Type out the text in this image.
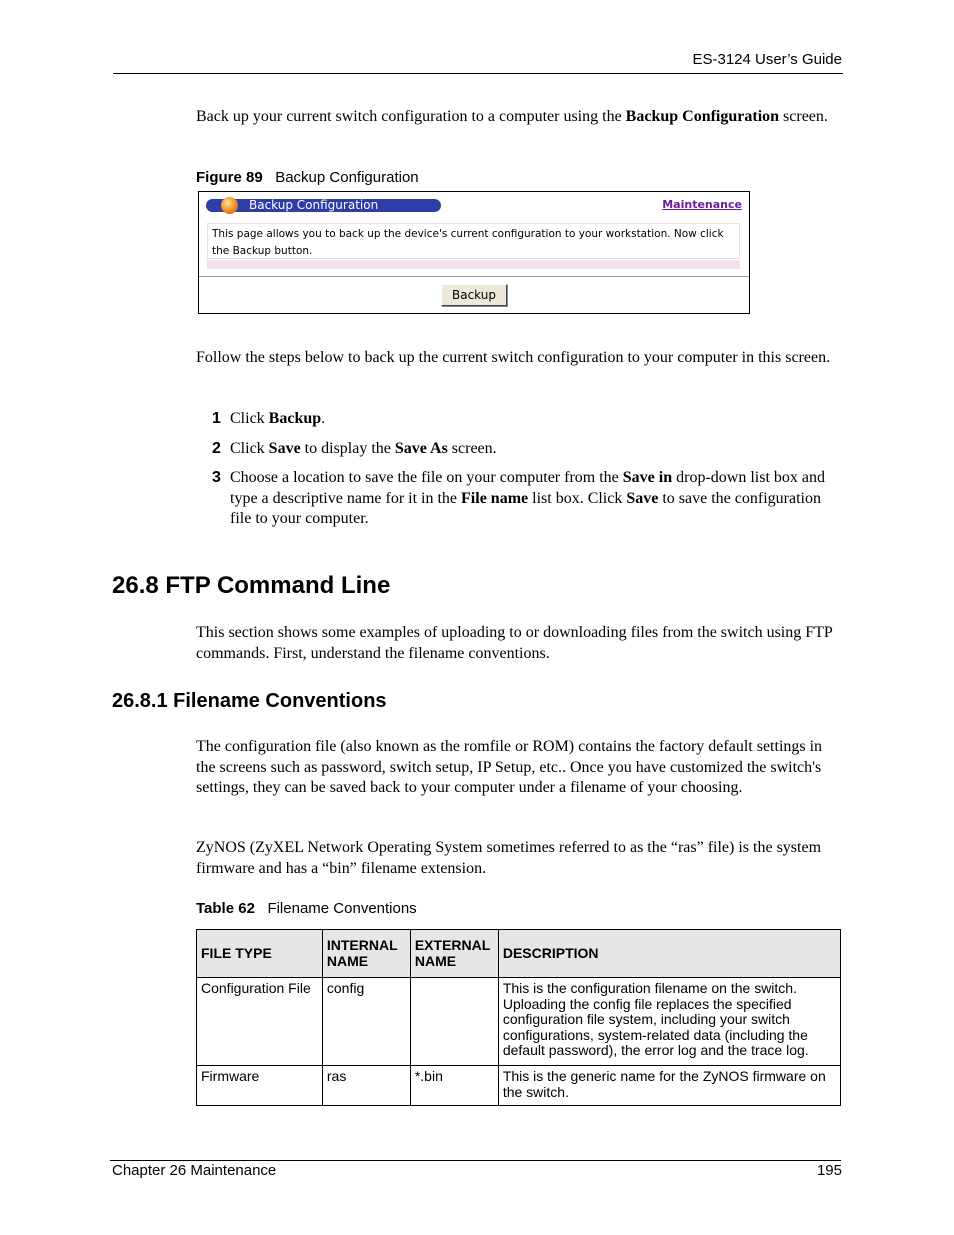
ES-3124 User’s Guide

Back up your current switch configuration to a computer using the Backup Configuration screen.

Figure 89 Backup Configuration
Backup Configuration	Maintenance
This page allows you to back up the device's current configuration to your workstation. Now click the Backup button.
Backup

Follow the steps below to back up the current switch configuration to your computer in this screen.

1 Click Backup.
2 Click Save to display the Save As screen.
3 Choose a location to save the file on your computer from the Save in drop-down list box and type a descriptive name for it in the File name list box. Click Save to save the configuration file to your computer.
26.8 FTP Command Line

This section shows some examples of uploading to or downloading files from the switch using FTP commands. First, understand the filename conventions.

26.8.1 Filename Conventions

The configuration file (also known as the romfile or ROM) contains the factory default settings in the screens such as password, switch setup, IP Setup, etc.. Once you have customized the switch's settings, they can be saved back to your computer under a filename of your choosing.

ZyNOS (ZyXEL Network Operating System sometimes referred to as the “ras” file) is the system firmware and has a “bin” filename extension.

Table 62 Filename Conventions
FILE TYPE	INTERNAL NAME	EXTERNAL NAME	DESCRIPTION
Configuration File	config		This is the configuration filename on the switch. Uploading the config file replaces the specified configuration file system, including your switch configurations, system-related data (including the default password), the error log and the trace log.
Firmware	ras	*.bin	This is the generic name for the ZyNOS firmware on the switch.
Chapter 26 Maintenance	195
